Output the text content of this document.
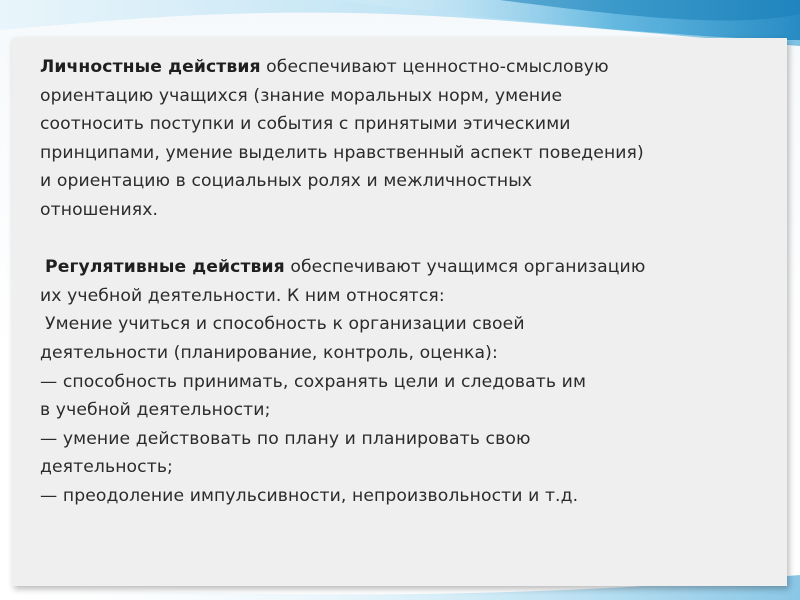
Личностные действия обеспечивают ценностно-смысловую
ориентацию учащихся (знание моральных норм, умение
соотносить поступки и события с принятыми этическими
принципами, умение выделить нравственный аспект поведения)
и ориентацию в социальных ролях и межличностных
отношениях.

Регулятивные действия обеспечивают учащимся организацию
их учебной деятельности. К ним относятся:
Умение учиться и способность к организации своей
деятельности (планирование, контроль, оценка):
— способность принимать, сохранять цели и следовать им
в учебной деятельности;
— умение действовать по плану и планировать свою
деятельность;
— преодоление импульсивности, непроизвольности и т.д.
